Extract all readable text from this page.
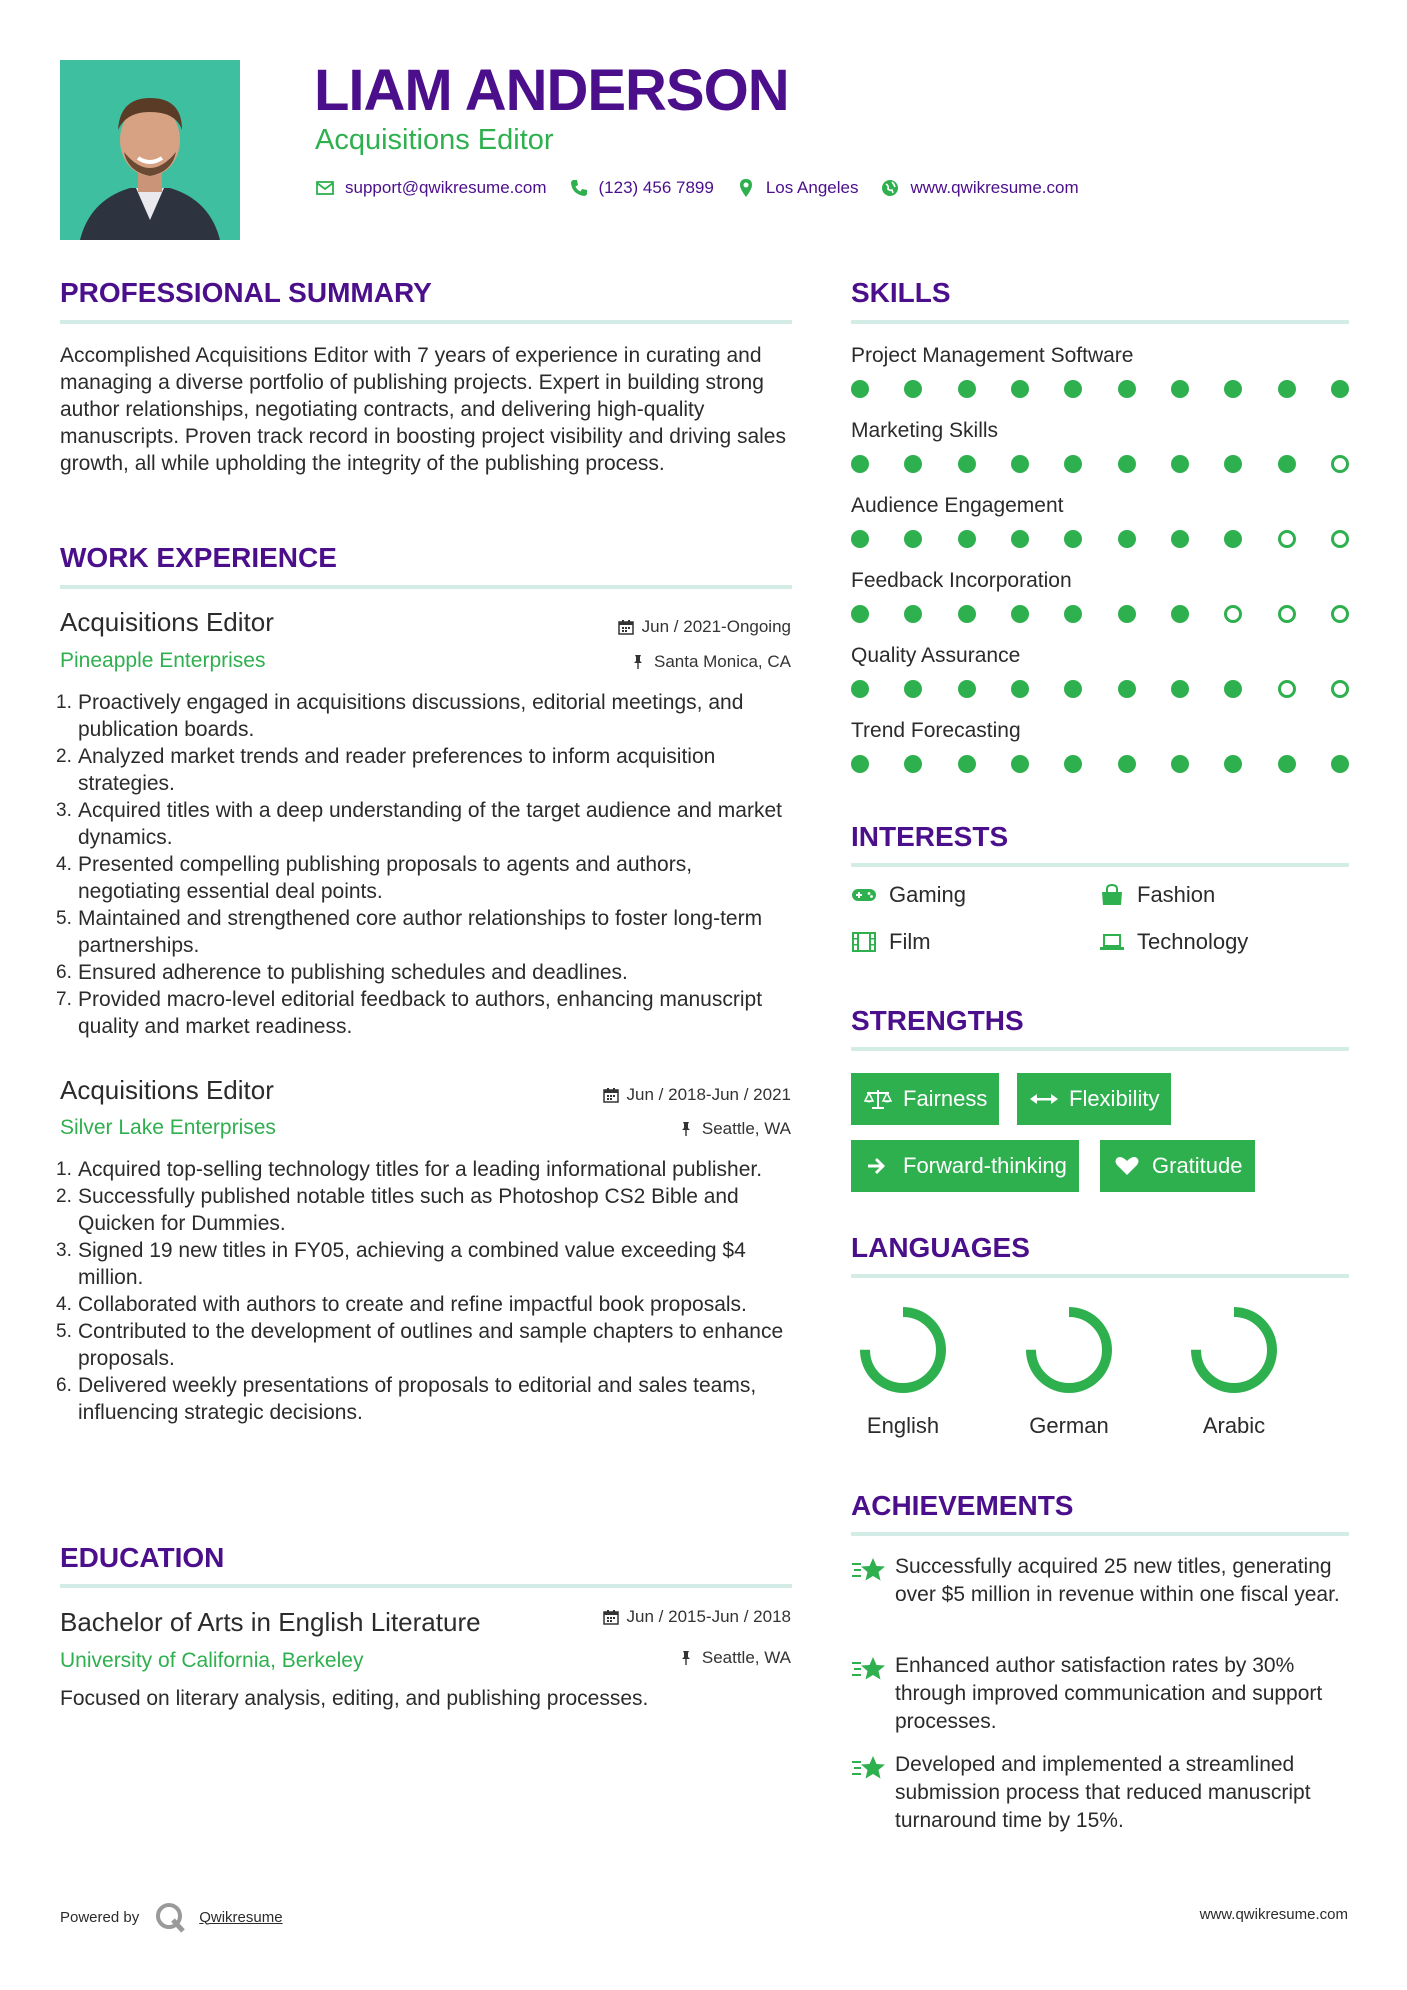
LIAM ANDERSON
Acquisitions Editor
support@qwikresume.com	(123) 456 7899	Los Angeles	www.qwikresume.com
PROFESSIONAL SUMMARY
Accomplished Acquisitions Editor with 7 years of experience in curating and managing a diverse portfolio of publishing projects. Expert in building strong author relationships, negotiating contracts, and delivering high-quality manuscripts. Proven track record in boosting project visibility and driving sales growth, all while upholding the integrity of the publishing process.
WORK EXPERIENCE
Acquisitions Editor
Pineapple Enterprises
Jun / 2021-Ongoing
Santa Monica, CA
Proactively engaged in acquisitions discussions, editorial meetings, and publication boards.
Analyzed market trends and reader preferences to inform acquisition strategies.
Acquired titles with a deep understanding of the target audience and market dynamics.
Presented compelling publishing proposals to agents and authors, negotiating essential deal points.
Maintained and strengthened core author relationships to foster long-term partnerships.
Ensured adherence to publishing schedules and deadlines.
Provided macro-level editorial feedback to authors, enhancing manuscript quality and market readiness.
Acquisitions Editor
Silver Lake Enterprises
Jun / 2018-Jun / 2021
Seattle, WA
Acquired top-selling technology titles for a leading informational publisher.
Successfully published notable titles such as Photoshop CS2 Bible and Quicken for Dummies.
Signed 19 new titles in FY05, achieving a combined value exceeding $4 million.
Collaborated with authors to create and refine impactful book proposals.
Contributed to the development of outlines and sample chapters to enhance proposals.
Delivered weekly presentations of proposals to editorial and sales teams, influencing strategic decisions.
EDUCATION
Bachelor of Arts in English Literature
University of California, Berkeley
Jun / 2015-Jun / 2018
Seattle, WA
Focused on literary analysis, editing, and publishing processes.
SKILLS
Project Management Software
Marketing Skills
Audience Engagement
Feedback Incorporation
Quality Assurance
Trend Forecasting
INTERESTS
Gaming	Fashion
Film	Technology
STRENGTHS
Fairness	Flexibility
Forward-thinking	Gratitude
LANGUAGES
English	German	Arabic
ACHIEVEMENTS
Successfully acquired 25 new titles, generating over $5 million in revenue within one fiscal year.
Enhanced author satisfaction rates by 30% through improved communication and support processes.
Developed and implemented a streamlined submission process that reduced manuscript turnaround time by 15%.
Powered by	Qwikresume	www.qwikresume.com
